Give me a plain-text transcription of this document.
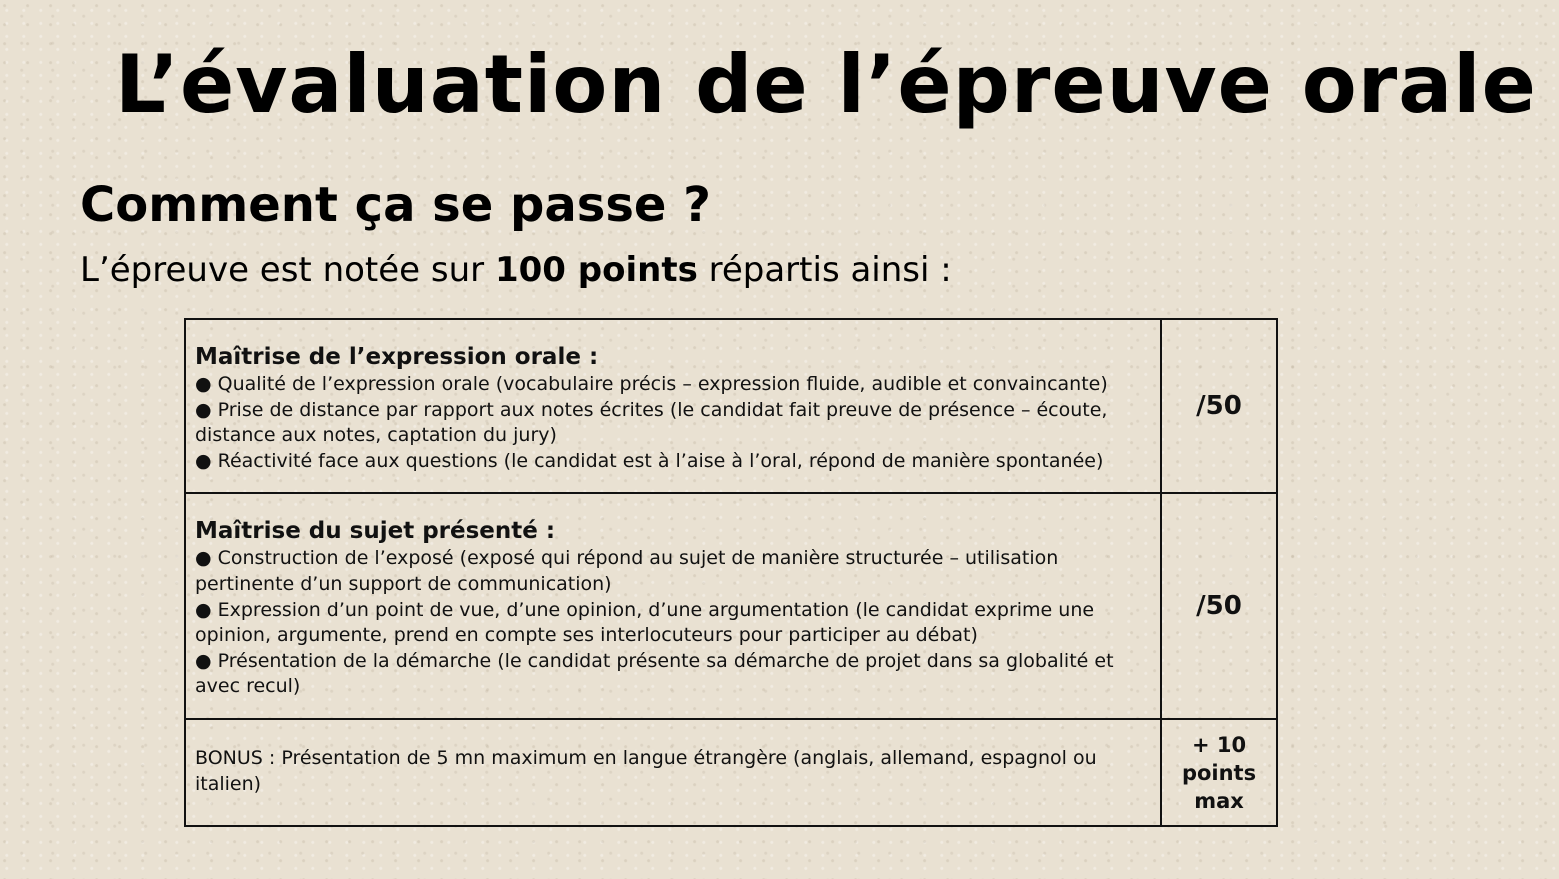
L’évaluation de l’épreuve orale
Comment ça se passe ?

L’épreuve est notée sur 100 points répartis ainsi :

Maîtrise de l’expression orale :
● Qualité de l’expression orale (vocabulaire précis – expression fluide, audible et convaincante)
● Prise de distance par rapport aux notes écrites (le candidat fait preuve de présence – écoute, distance aux notes, captation du jury)
● Réactivité face aux questions (le candidat est à l’aise à l’oral, répond de manière spontanée)	/50

Maîtrise du sujet présenté :
● Construction de l’exposé (exposé qui répond au sujet de manière structurée – utilisation pertinente d’un support de communication)
● Expression d’un point de vue, d’une opinion, d’une argumentation (le candidat exprime une opinion, argumente, prend en compte ses interlocuteurs pour participer au débat)
● Présentation de la démarche (le candidat présente sa démarche de projet dans sa globalité et avec recul)	/50
BONUS : Présentation de 5 mn maximum en langue étrangère (anglais, allemand, espagnol ou italien)	+ 10
points
max
